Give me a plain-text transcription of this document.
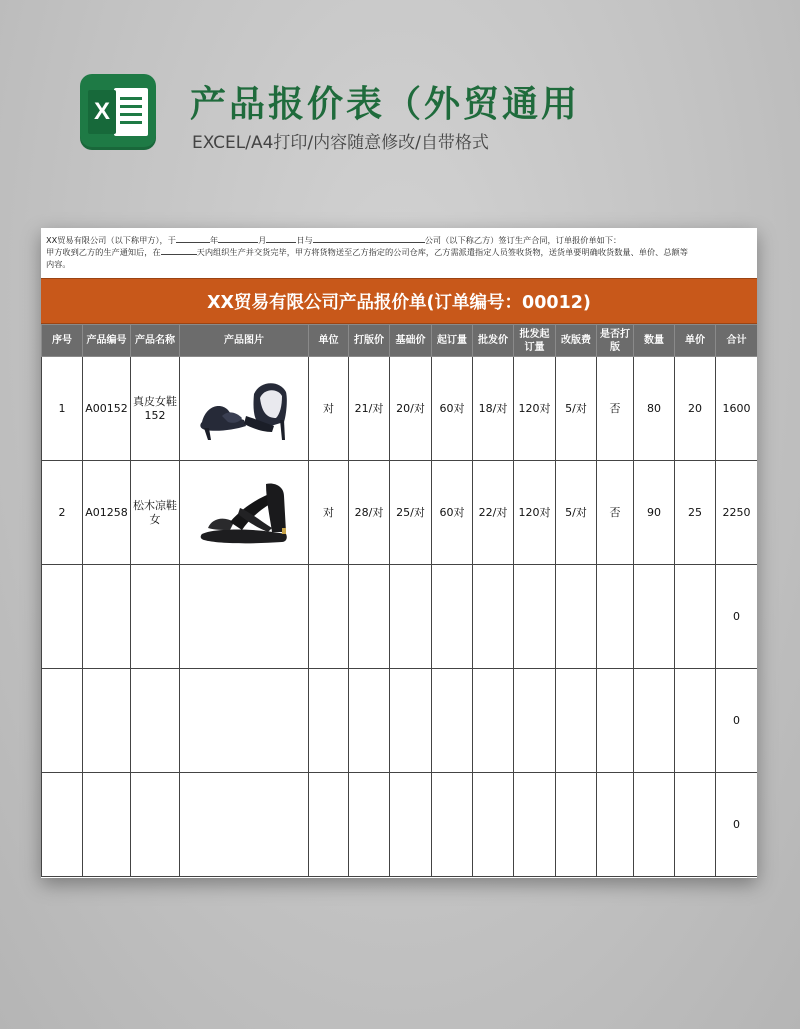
X 产品报价表（外贸通用
EXCEL/A4打印/内容随意修改/自带格式
XX贸易有限公司（以下称甲方），于	年	月	日与	公司（以下称乙方）签订生产合同，订单报价单如下：
甲方收到乙方的生产通知后，在	天内组织生产并交货完毕，甲方将货物送至乙方指定的公司仓库，乙方需派遣指定人员签收货物，送货单要明确收货数量、单价、总额等
内容。
XX贸易有限公司产品报价单(订单编号：00012)
序号	产品编号	产品名称	产品图片	单位	打版价	基础价	起订量	批发价	批发起订量	改版费	是否打版	数量	单价	合计
1	A00152	真皮女鞋152		对	21/对	20/对	60对	18/对	120对	5/对	否	80	20	1600
2	A01258	松木凉鞋女		对	28/对	25/对	60对	22/对	120对	5/对	否	90	25	2250
														0
														0
														0
